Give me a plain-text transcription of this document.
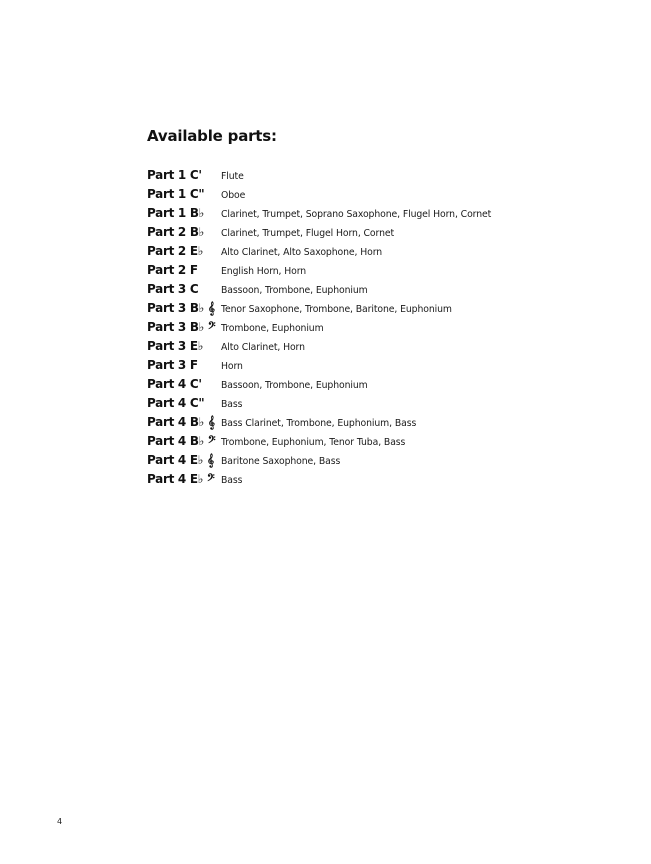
Available parts:
Part 1 C'	Flute
Part 1 C"	Oboe
Part 1 B♭	Clarinet, Trumpet, Soprano Saxophone, Flugel Horn, Cornet
Part 2 B♭	Clarinet, Trumpet, Flugel Horn, Cornet
Part 2 E♭	Alto Clarinet, Alto Saxophone, Horn
Part 2 F	English Horn, Horn
Part 3 C	Bassoon, Trombone, Euphonium
Part 3 B♭ 𝄞 Tenor Saxophone, Trombone, Baritone, Euphonium
Part 3 B♭ 𝄢 Trombone, Euphonium
Part 3 E♭	Alto Clarinet, Horn
Part 3 F	Horn
Part 4 C'	Bassoon, Trombone, Euphonium
Part 4 C"	Bass
Part 4 B♭ 𝄞 Bass Clarinet, Trombone, Euphonium, Bass
Part 4 B♭ 𝄢 Trombone, Euphonium, Tenor Tuba, Bass
Part 4 E♭ 𝄞 Baritone Saxophone, Bass
Part 4 E♭ 𝄢 Bass
4
